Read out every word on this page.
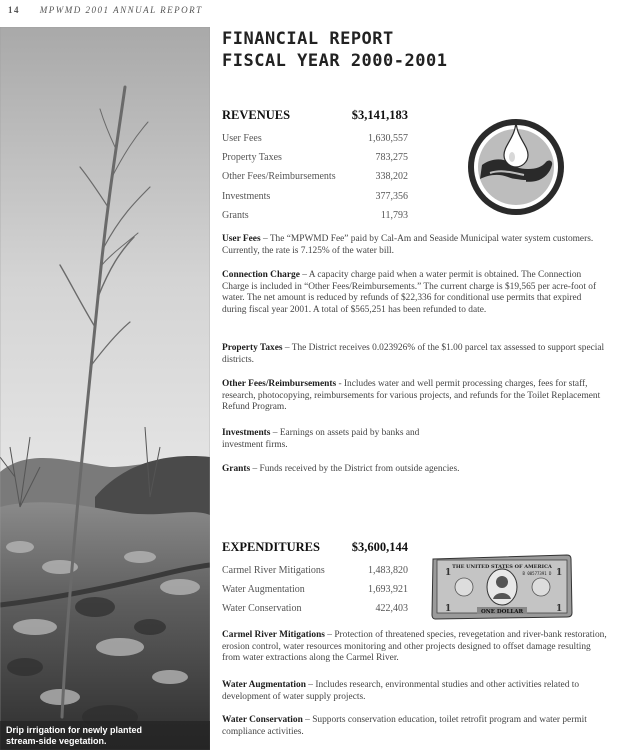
14 MPWMD 2001 ANNUAL REPORT
Drip irrigation for newly planted
stream-side vegetation.
FINANCIAL REPORT
FISCAL YEAR 2000-2001
REVENUES	$3,141,183
User Fees	1,630,557
Property Taxes	783,275
Other Fees/Reimbursements	338,202
Investments	377,356
Grants	11,793

User Fees – The “MPWMD Fee” paid by Cal-Am and Seaside Municipal water system customers. Currently, the rate is 7.125% of the water bill.

Connection Charge – A capacity charge paid when a water permit is obtained. The Connection Charge is included in “Other Fees/Reimbursements.” The current charge is $19,565 per acre-foot of water. The net amount is reduced by refunds of $22,336 for conditional use permits that expired during fiscal year 2001. A total of $565,251 has been refunded to date.

Property Taxes – The District receives 0.023926% of the $1.00 parcel tax assessed to support special districts.

Other Fees/Reimbursements - Includes water and well permit processing charges, fees for staff, research, photocopying, reimbursements for various projects, and refunds for the Toilet Replacement Refund Program.

Investments – Earnings on assets paid by banks and investment firms.

Grants – Funds received by the District from outside agencies.

EXPENDITURES	$3,600,144
Carmel River Mitigations	1,483,820
Water Augmentation	1,693,921
Water Conservation	422,403
1	1
1	1
THE UNITED STATES OF AMERICA
B 00577391 D
ONE DOLLAR

Carmel River Mitigations – Protection of threatened species, revegetation and river-bank restoration, erosion control, water resources monitoring and other projects designed to offset damage resulting from water extractions along the Carmel River.

Water Augmentation – Includes research, environmental studies and other activities related to development of water supply projects.

Water Conservation – Supports conservation education, toilet retrofit program and water permit compliance activities.
